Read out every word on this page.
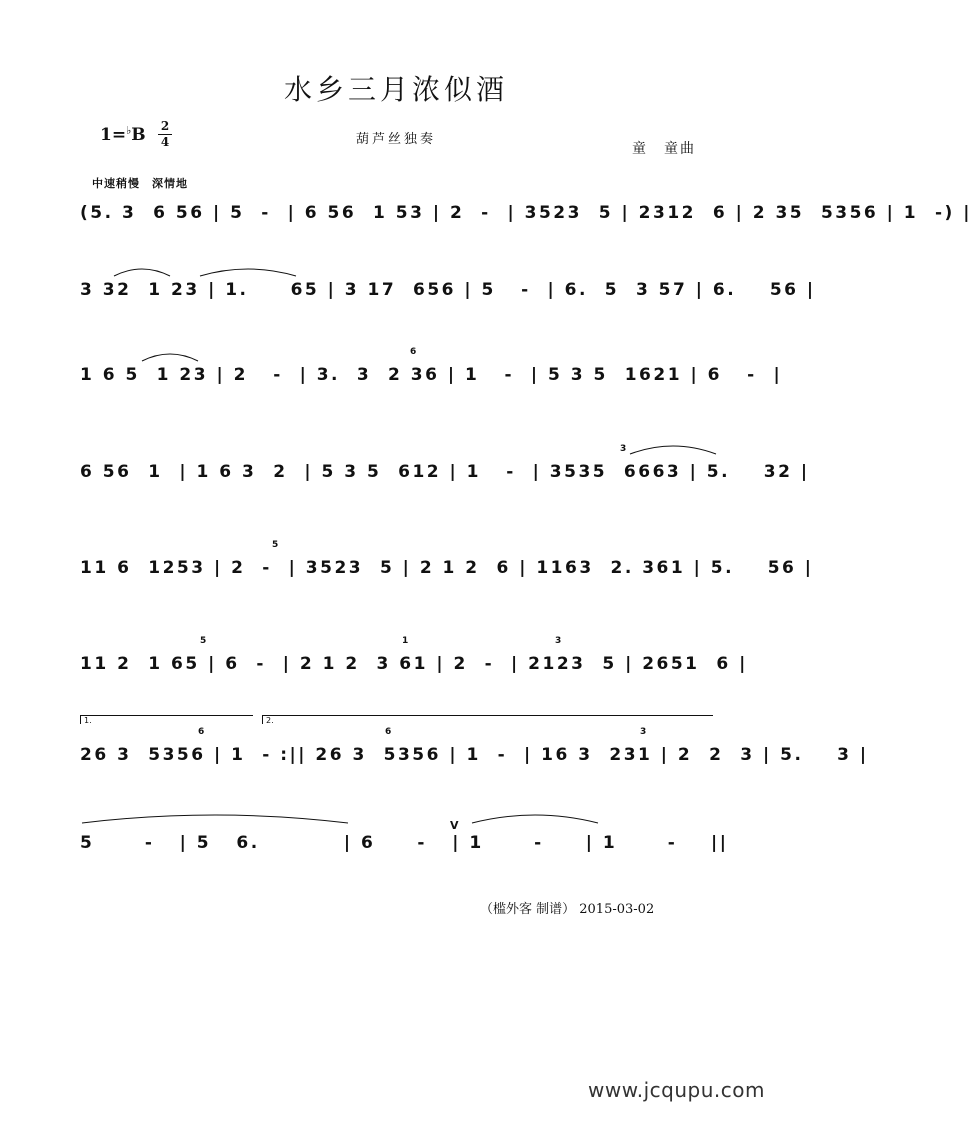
水乡三月浓似酒
1=♭B 2
4	葫芦丝独奏
童　童曲
中速稍慢　深情地
(5. 3  6 56 | 5  -  | 6 56  1 53 | 2  -  | 3523  5 | 2312  6 | 2 35  5356 | 1  -) |
3 32  1 23 | 1.     65 | 3 17  656 | 5   -  | 6.  5  3 57 | 6.    56 |
1 6 5  1 23 | 2   -  | 3.  3  2 36 | 1   -  | 5 3 5  1621 | 6   -  |
6
6 56  1  | 1 6 3  2  | 5 3 5  612 | 1   -  | 3535  6663 | 5.    32 |
3
11 6  1253 | 2  -  | 3523  5 | 2 1 2  6 | 1163  2. 361 | 5.    56 |
5
11 2  1 65 | 6  -  | 2 1 2  3 61 | 2  -  | 2123  5 | 2651  6 |
5	1	3
1.	2.
26 3  5356 | 1  - :|| 26 3  5356 | 1  -  | 16 3  231 | 2  2  3 | 5.    3 |
6	6	3
5      -   | 5   6.          | 6     -   | 1      -     | 1      -    ||
V
（槛外客 制谱） 2015-03-02
www.jcqupu.com
